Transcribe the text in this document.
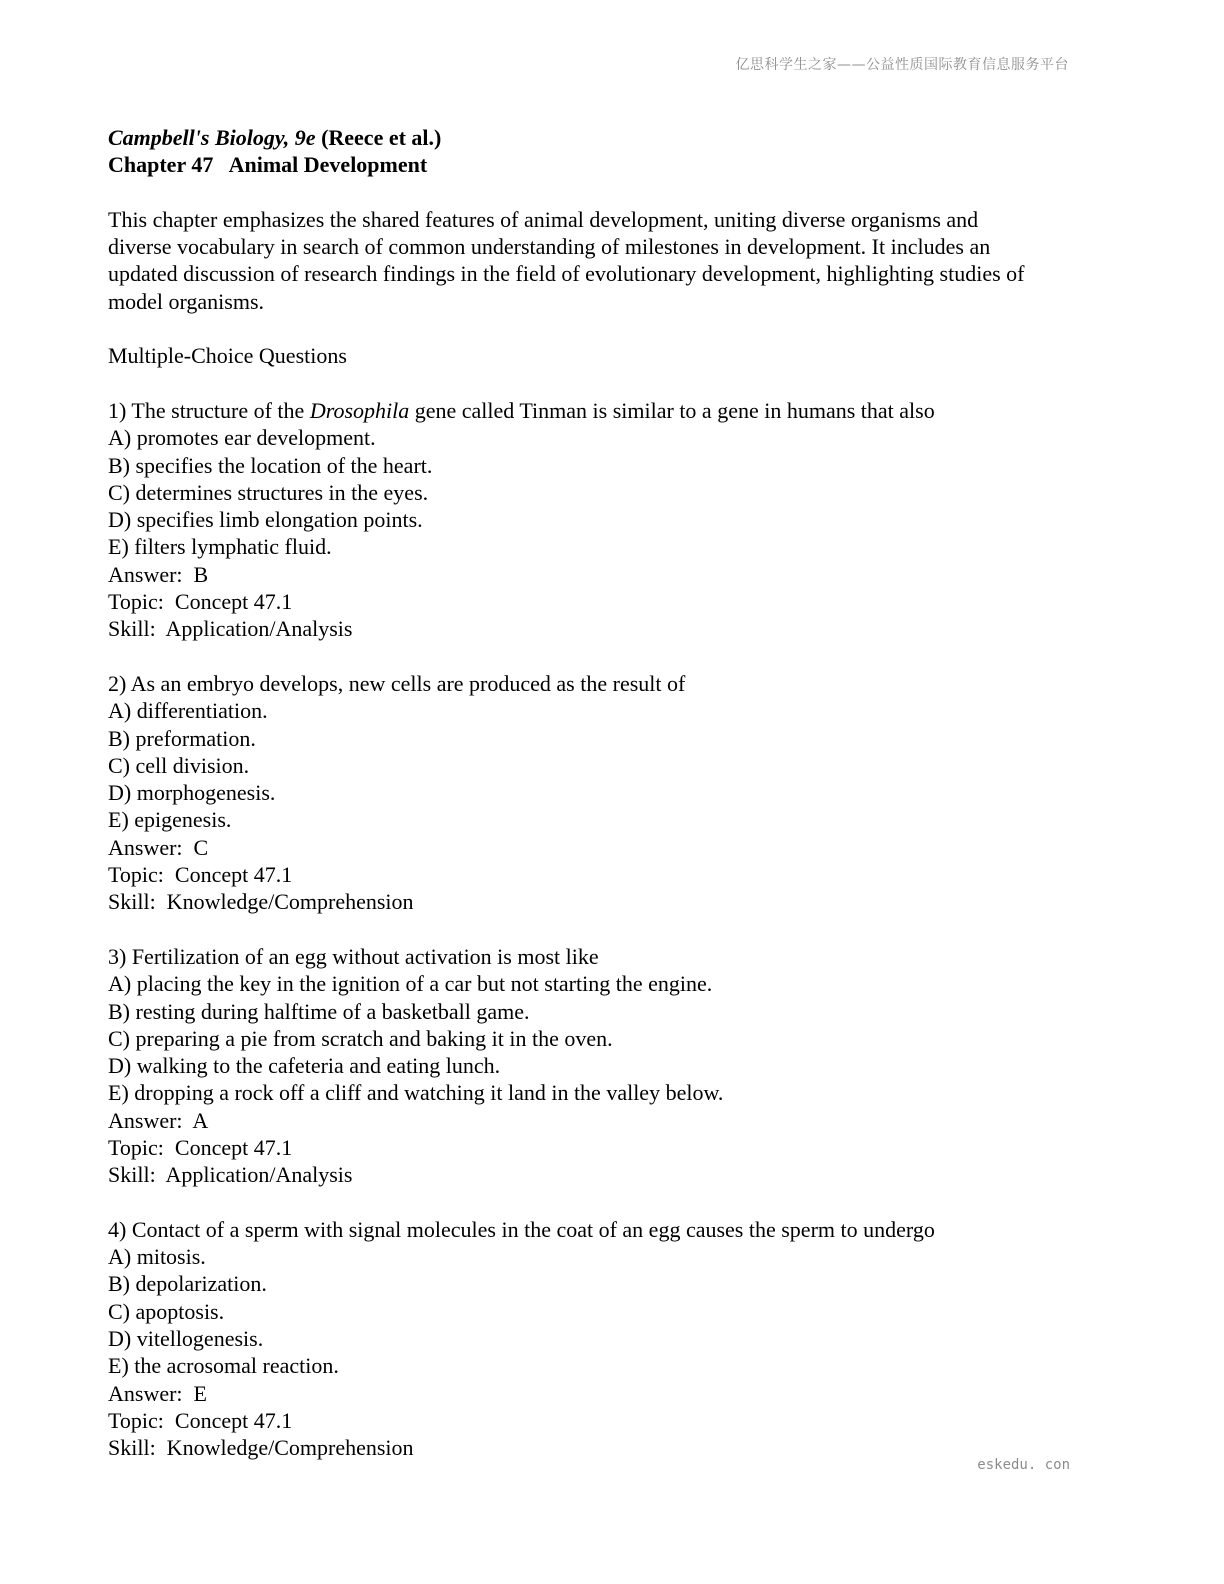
亿思科学生之家——公益性质国际教育信息服务平台
Campbell's Biology, 9e (Reece et al.)
Chapter 47   Animal Development
This chapter emphasizes the shared features of animal development, uniting diverse organisms and
diverse vocabulary in search of common understanding of milestones in development. It includes an
updated discussion of research findings in the field of evolutionary development, highlighting studies of
model organisms.
Multiple-Choice Questions
1) The structure of the Drosophila gene called Tinman is similar to a gene in humans that also
A) promotes ear development.
B) specifies the location of the heart.
C) determines structures in the eyes.
D) specifies limb elongation points.
E) filters lymphatic fluid.
Answer:  B
Topic:  Concept 47.1
Skill:  Application/Analysis
2) As an embryo develops, new cells are produced as the result of
A) differentiation.
B) preformation.
C) cell division.
D) morphogenesis.
E) epigenesis.
Answer:  C
Topic:  Concept 47.1
Skill:  Knowledge/Comprehension
3) Fertilization of an egg without activation is most like
A) placing the key in the ignition of a car but not starting the engine.
B) resting during halftime of a basketball game.
C) preparing a pie from scratch and baking it in the oven.
D) walking to the cafeteria and eating lunch.
E) dropping a rock off a cliff and watching it land in the valley below.
Answer:  A
Topic:  Concept 47.1
Skill:  Application/Analysis
4) Contact of a sperm with signal molecules in the coat of an egg causes the sperm to undergo
A) mitosis.
B) depolarization.
C) apoptosis.
D) vitellogenesis.
E) the acrosomal reaction.
Answer:  E
Topic:  Concept 47.1
Skill:  Knowledge/Comprehension
eskedu. con
